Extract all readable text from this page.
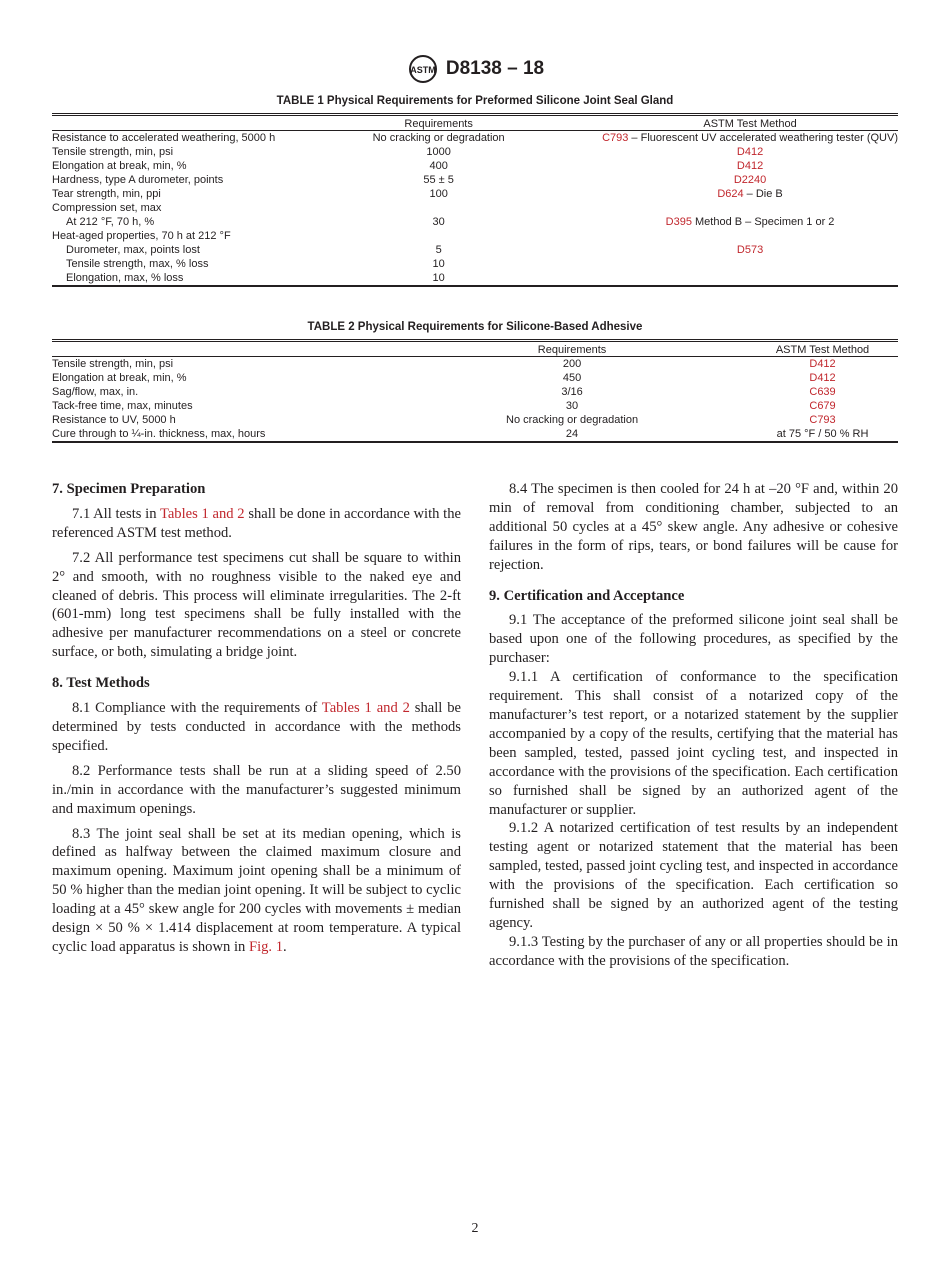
ASTM D8138 – 18
TABLE 1 Physical Requirements for Preformed Silicone Joint Seal Gland
	Requirements	ASTM Test Method
Resistance to accelerated weathering, 5000 h	No cracking or degradation	C793 – Fluorescent UV accelerated weathering tester (QUV)
Tensile strength, min, psi	1000	D412
Elongation at break, min, %	400	D412
Hardness, type A durometer, points	55 ± 5	D2240
Tear strength, min, ppi	100	D624 – Die B
Compression set, max		
At 212 °F, 70 h, %	30	D395 Method B – Specimen 1 or 2
Heat-aged properties, 70 h at 212 °F		
Durometer, max, points lost	5	D573
Tensile strength, max, % loss	10	
Elongation, max, % loss	10	
TABLE 2 Physical Requirements for Silicone-Based Adhesive
	Requirements	ASTM Test Method
Tensile strength, min, psi	200	D412
Elongation at break, min, %	450	D412
Sag/flow, max, in.	3/16	C639
Tack-free time, max, minutes	30	C679
Resistance to UV, 5000 h	No cracking or degradation	C793
Cure through to ¼-in. thickness, max, hours	24	at 75 °F / 50 % RH
7. Specimen Preparation

7.1 All tests in Tables 1 and 2 shall be done in accordance with the referenced ASTM test method.

7.2 All performance test specimens cut shall be square to within 2° and smooth, with no roughness visible to the naked eye and cleaned of debris. This process will eliminate irregularities. The 2-ft (601-mm) long test specimens shall be fully installed with the adhesive per manufacturer recommendations on a steel or concrete surface, or both, simulating a bridge joint.

8. Test Methods

8.1 Compliance with the requirements of Tables 1 and 2 shall be determined by tests conducted in accordance with the methods specified.

8.2 Performance tests shall be run at a sliding speed of 2.50 in./min in accordance with the manufacturer’s suggested minimum and maximum openings.

8.3 The joint seal shall be set at its median opening, which is defined as halfway between the claimed maximum closure and maximum opening. Maximum joint opening shall be a minimum of 50 % higher than the median joint opening. It will be subject to cyclic loading at a 45° skew angle for 200 cycles with movements ± median design × 50 % × 1.414 displacement at room temperature. A typical cyclic load apparatus is shown in Fig. 1.

8.4 The specimen is then cooled for 24 h at –20 °F and, within 20 min of removal from conditioning chamber, subjected to an additional 50 cycles at a 45° skew angle. Any adhesive or cohesive failures in the form of rips, tears, or bond failures will be cause for rejection.

9. Certification and Acceptance

9.1 The acceptance of the preformed silicone joint seal shall be based upon one of the following procedures, as specified by the purchaser:

9.1.1 A certification of conformance to the specification requirement. This shall consist of a notarized copy of the manufacturer’s test report, or a notarized statement by the supplier accompanied by a copy of the results, certifying that the material has been sampled, tested, passed joint cycling test, and inspected in accordance with the provisions of the specification. Each certification so furnished shall be signed by an authorized agent of the manufacturer or supplier.

9.1.2 A notarized certification of test results by an independent testing agent or notarized statement that the material has been sampled, tested, passed joint cycling test, and inspected in accordance with the provisions of the specification. Each certification so furnished shall be signed by an authorized agent of the testing agency.

9.1.3 Testing by the purchaser of any or all properties should be in accordance with the provisions of the specification.

2
